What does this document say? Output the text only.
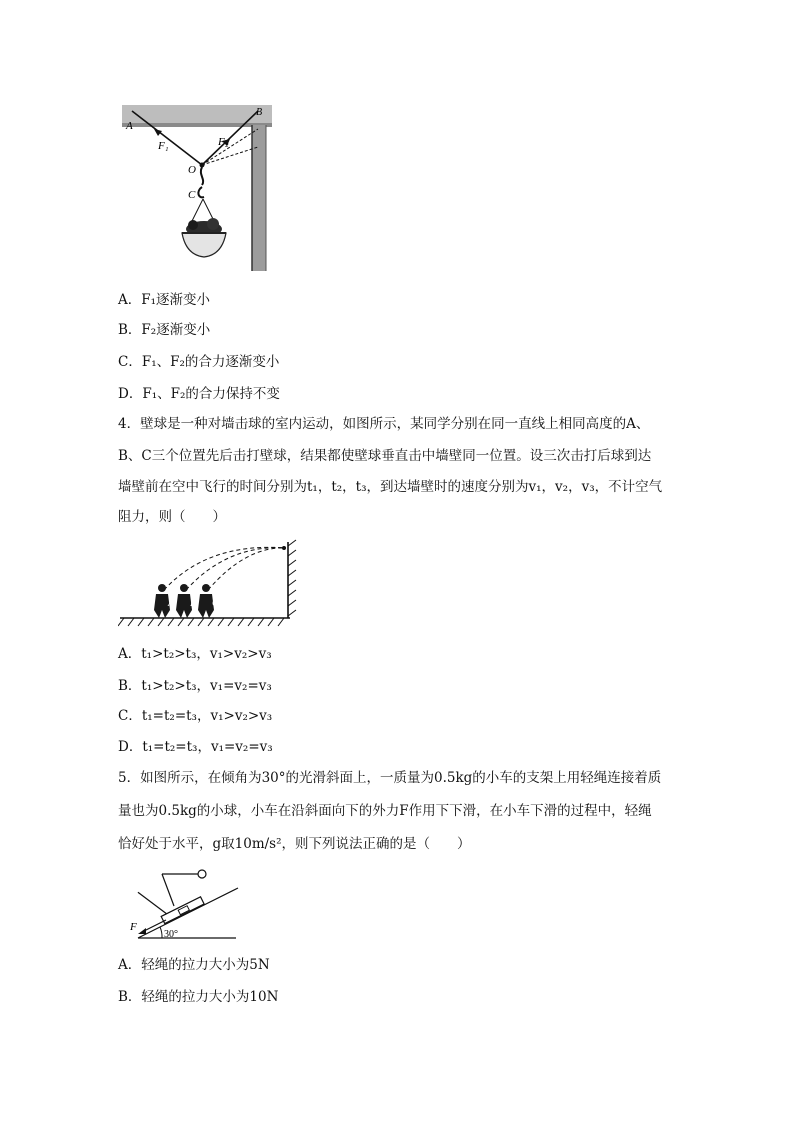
A
B
F₁	F₂
O
C
A．F₁逐渐变小
B．F₂逐渐变小
C．F₁、F₂的合力逐渐变小
D．F₁、F₂的合力保持不变
4．壁球是一种对墙击球的室内运动，如图所示，某同学分别在同一直线上相同高度的A、
B、C三个位置先后击打壁球，结果都使壁球垂直击中墙壁同一位置。设三次击打后球到达
墙壁前在空中飞行的时间分别为t₁，t₂，t₃，到达墙壁时的速度分别为v₁，v₂，v₃，不计空气
阻力，则（　　）
A B C
A．t₁>t₂>t₃，v₁>v₂>v₃
B．t₁>t₂>t₃，v₁=v₂=v₃
C．t₁=t₂=t₃，v₁>v₂>v₃
D．t₁=t₂=t₃，v₁=v₂=v₃
5．如图所示，在倾角为30°的光滑斜面上，一质量为0.5kg的小车的支架上用轻绳连接着质
量也为0.5kg的小球，小车在沿斜面向下的外力F作用下下滑，在小车下滑的过程中，轻绳
恰好处于水平，g取10m/s²，则下列说法正确的是（　　）
F
30°
A．轻绳的拉力大小为5N
B．轻绳的拉力大小为10N
